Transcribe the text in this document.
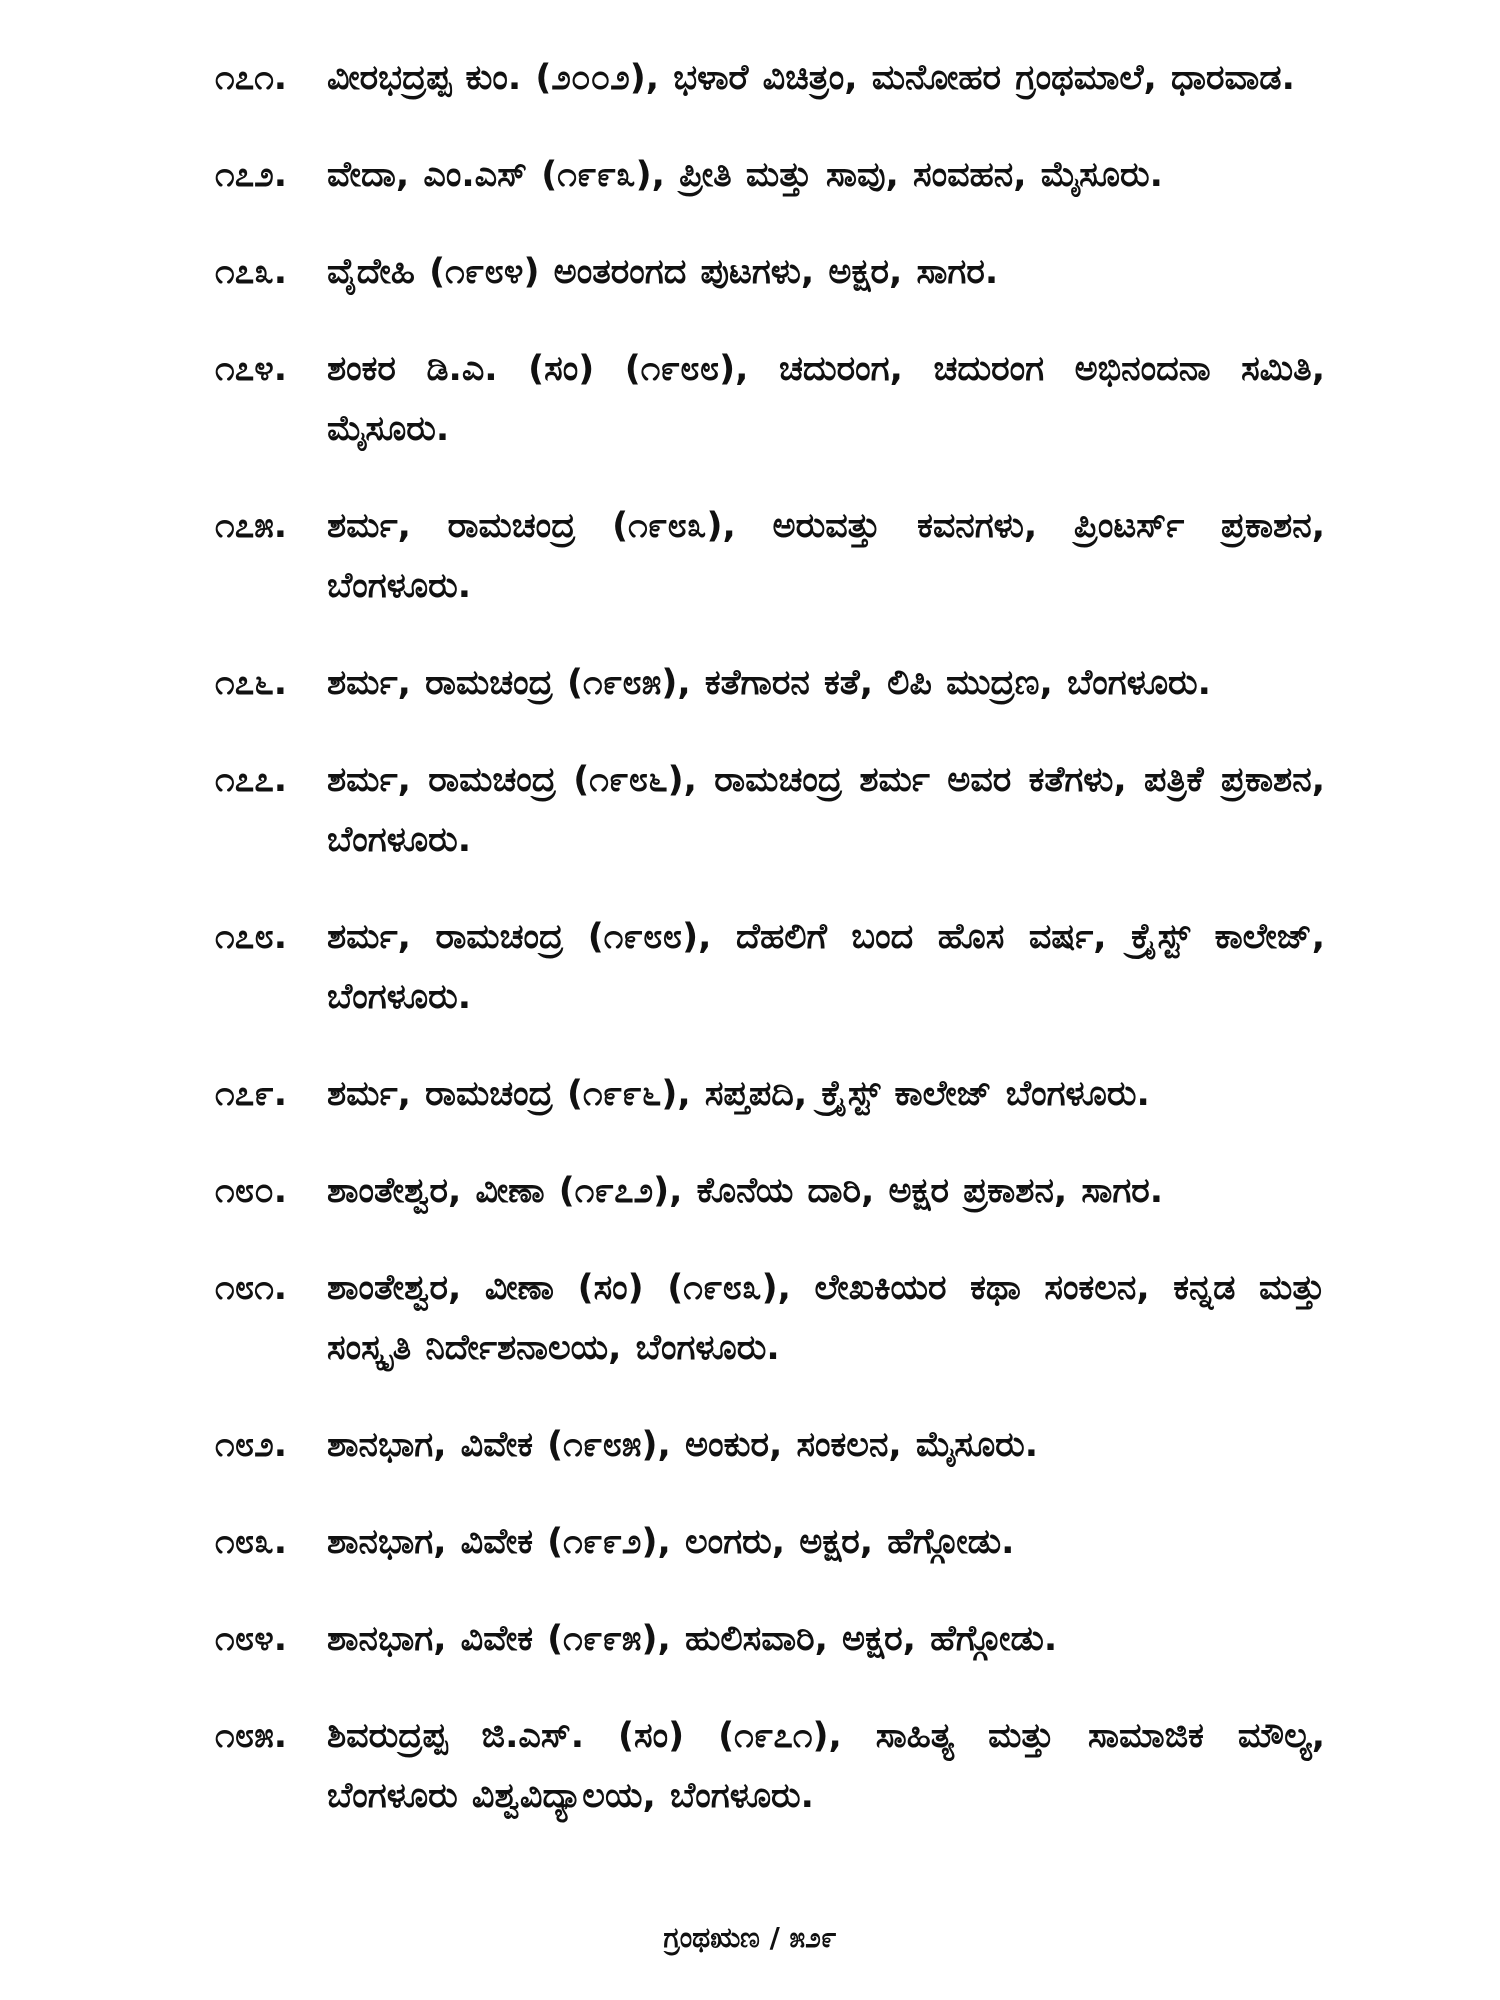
೧೭೧.	ವೀರಭದ್ರಪ್ಪ ಕುಂ. (೨೦೦೨), ಭಳಾರೆ ವಿಚಿತ್ರಂ, ಮನೋಹರ ಗ್ರಂಥಮಾಲೆ, ಧಾರವಾಡ.
೧೭೨.	ವೇದಾ, ಎಂ.ಎಸ್ (೧೯೯೩), ಪ್ರೀತಿ ಮತ್ತು ಸಾವು, ಸಂವಹನ, ಮೈಸೂರು.
೧೭೩.	ವೈದೇಹಿ (೧೯೮೪) ಅಂತರಂಗದ ಪುಟಗಳು, ಅಕ್ಷರ, ಸಾಗರ.
೧೭೪.	ಶಂಕರ ಡಿ.ಎ. (ಸಂ) (೧೯೮೮), ಚದುರಂಗ, ಚದುರಂಗ ಅಭಿನಂದನಾ ಸಮಿತಿ, ಮೈಸೂರು.
೧೭೫.	ಶರ್ಮ, ರಾಮಚಂದ್ರ (೧೯೮೩), ಅರುವತ್ತು ಕವನಗಳು, ಪ್ರಿಂಟರ್ಸ್ ಪ್ರಕಾಶನ, ಬೆಂಗಳೂರು.
೧೭೬.	ಶರ್ಮ, ರಾಮಚಂದ್ರ (೧೯೮೫), ಕತೆಗಾರನ ಕತೆ, ಲಿಪಿ ಮುದ್ರಣ, ಬೆಂಗಳೂರು.
೧೭೭.	ಶರ್ಮ, ರಾಮಚಂದ್ರ (೧೯೮೬), ರಾಮಚಂದ್ರ ಶರ್ಮ ಅವರ ಕತೆಗಳು, ಪತ್ರಿಕೆ ಪ್ರಕಾಶನ, ಬೆಂಗಳೂರು.
೧೭೮.	ಶರ್ಮ, ರಾಮಚಂದ್ರ (೧೯೮೮), ದೆಹಲಿಗೆ ಬಂದ ಹೊಸ ವರ್ಷ, ಕ್ರೈಸ್ಟ್ ಕಾಲೇಜ್, ಬೆಂಗಳೂರು.
೧೭೯.	ಶರ್ಮ, ರಾಮಚಂದ್ರ (೧೯೯೬), ಸಪ್ತಪದಿ, ಕ್ರೈಸ್ಟ್ ಕಾಲೇಜ್ ಬೆಂಗಳೂರು.
೧೮೦.	ಶಾಂತೇಶ್ವರ, ವೀಣಾ (೧೯೭೨), ಕೊನೆಯ ದಾರಿ, ಅಕ್ಷರ ಪ್ರಕಾಶನ, ಸಾಗರ.
೧೮೧.	ಶಾಂತೇಶ್ವರ, ವೀಣಾ (ಸಂ) (೧೯೮೩), ಲೇಖಕಿಯರ ಕಥಾ ಸಂಕಲನ, ಕನ್ನಡ ಮತ್ತು ಸಂಸ್ಕೃತಿ ನಿರ್ದೇಶನಾಲಯ, ಬೆಂಗಳೂರು.
೧೮೨.	ಶಾನಭಾಗ, ವಿವೇಕ (೧೯೮೫), ಅಂಕುರ, ಸಂಕಲನ, ಮೈಸೂರು.
೧೮೩.	ಶಾನಭಾಗ, ವಿವೇಕ (೧೯೯೨), ಲಂಗರು, ಅಕ್ಷರ, ಹೆಗ್ಗೋಡು.
೧೮೪.	ಶಾನಭಾಗ, ವಿವೇಕ (೧೯೯೫), ಹುಲಿಸವಾರಿ, ಅಕ್ಷರ, ಹೆಗ್ಗೋಡು.
೧೮೫.	ಶಿವರುದ್ರಪ್ಪ ಜಿ.ಎಸ್. (ಸಂ) (೧೯೭೧), ಸಾಹಿತ್ಯ ಮತ್ತು ಸಾಮಾಜಿಕ ಮೌಲ್ಯ, ಬೆಂಗಳೂರು ವಿಶ್ವವಿದ್ಯಾಲಯ, ಬೆಂಗಳೂರು.
ಗ್ರಂಥಋಣ / ೫೨೯
